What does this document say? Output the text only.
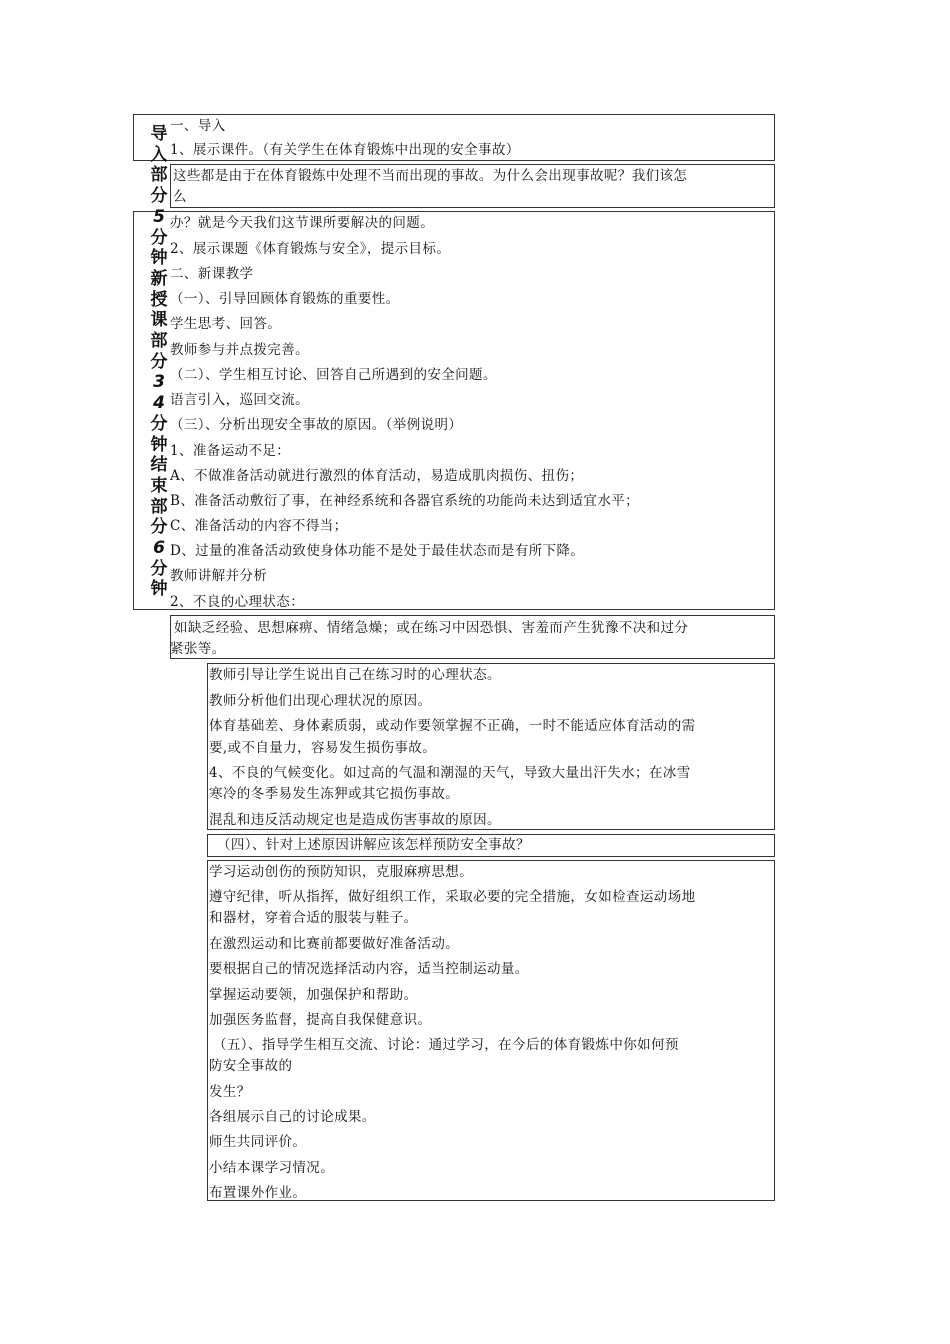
导
入
部
分
5
分
钟
新
授
课
部
分
3
4
分
钟
结
束
部
分
6
分
钟
一、导入
1、展示课件。（有关学生在体育锻炼中出现的安全事故）
这些都是由于在体育锻炼中处理不当而出现的事故。为什么会出现事故呢？我们该怎
么
办？就是今天我们这节课所要解决的问题。
2、展示课题《体育锻炼与安全》，提示目标。
二、新课教学
（一）、引导回顾体育锻炼的重要性。
学生思考、回答。
教师参与并点拨完善。
（二）、学生相互讨论、回答自己所遇到的安全问题。
语言引入，巡回交流。
（三）、分析出现安全事故的原因。（举例说明）
1、准备运动不足：
A、不做准备活动就进行激烈的体育活动，易造成肌肉损伤、扭伤；
B、准备活动敷衍了事，在神经系统和各器官系统的功能尚未达到适宜水平；
C、准备活动的内容不得当；
D、过量的准备活动致使身体功能不是处于最佳状态而是有所下降。
教师讲解并分析
2、不良的心理状态：
如缺乏经验、思想麻痹、情绪急燥；或在练习中因恐惧、害羞而产生犹豫不决和过分
紧张等。
教师引导让学生说出自己在练习时的心理状态。
教师分析他们出现心理状况的原因。
体育基础差、身体素质弱，或动作要领掌握不正确，一时不能适应体育活动的需
要,或不自量力，容易发生损伤事故。
4、不良的气候变化。如过高的气温和潮湿的天气，导致大量出汗失水；在冰雪
寒冷的冬季易发生冻狎或其它损伤事故。
混乱和违反活动规定也是造成伤害事故的原因。
（四）、针对上述原因讲解应该怎样预防安全事故？
学习运动创伤的预防知识，克服麻痹思想。
遵守纪律，听从指挥，做好组织工作，采取必要的完全措施，女如检查运动场地
和器材，穿着合适的服装与鞋子。
在激烈运动和比赛前都要做好准备活动。
要根据自己的情况选择活动内容，适当控制运动量。
掌握运动要领，加强保护和帮助。
加强医务监督，提高自我保健意识。
（五）、指导学生相互交流、讨论：通过学习，在今后的体育锻炼中你如何预
防安全事故的
发生？
各组展示自己的讨论成果。
师生共同评价。
小结本课学习情况。
布置课外作业。
